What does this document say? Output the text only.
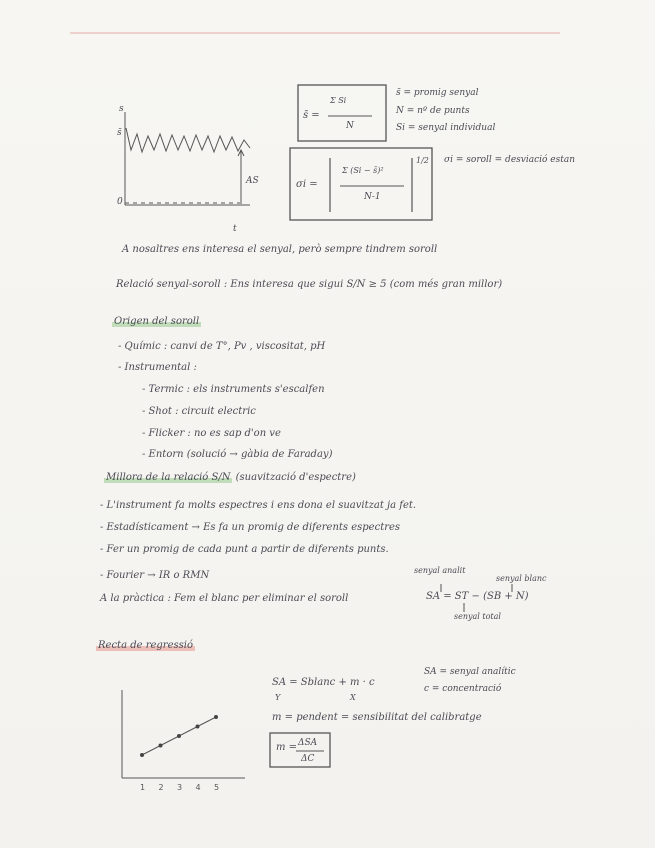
1 2 3 4 5
s
s̄
0
AS
t
s̄ =
Σ Si
N
σi =
Σ (Si − s̄)²
N-1
1/2
s̄ = promig senyal
N = nº de punts
Si = senyal individual
σi = soroll = desviació estan
A nosaltres ens interesa el senyal, però sempre tindrem soroll
Relació senyal-soroll : Ens interesa que sigui S/N ≥ 5 (com més gran millor)
Origen del soroll
- Químic : canvi de T°, Pv , viscositat, pH
- Instrumental :
- Termic : els instruments s'escalfen
- Shot : circuit electric
- Flicker : no es sap d'on ve
- Entorn (solució → gàbia de Faraday)
Millora de la relació S/N (suavització d'espectre)
- L'instrument fa molts espectres i ens dona el suavitzat ja fet.
- Estadísticament → Es fa un promig de diferents espectres
- Fer un promig de cada punt a partir de diferents punts.
- Fourier → IR o RMN
A la pràctica : Fem el blanc per eliminar el soroll
senyal analit
senyal blanc
SA = ST − (SB + N)
senyal total
Recta de regressió
SA = Sblanc + m · c
Y	X
SA = senyal analític
c = concentració
m = pendent = sensibilitat del calibratge
m = ΔSA
ΔC
